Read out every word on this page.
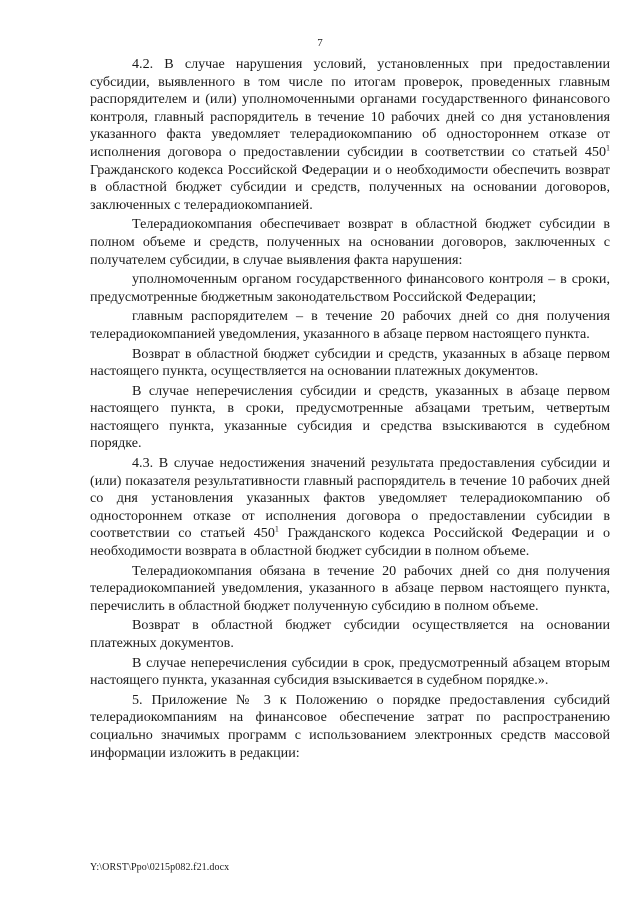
7

4.2. В случае нарушения условий, установленных при предоставлении субсидии, выявленного в том числе по итогам проверок, проведенных главным распорядителем и (или) уполномоченными органами государственного финансового контроля, главный распорядитель в течение 10 рабочих дней со дня установления указанного факта уведомляет телерадиокомпанию об одностороннем отказе от исполнения договора о предоставлении субсидии в соответствии со статьей $450^1$ Гражданского кодекса Российской Федерации и о необходимости обеспечить возврат в областной бюджет субсидии и средств, полученных на основании договоров, заключенных с телерадиокомпанией.

Телерадиокомпания обеспечивает возврат в областной бюджет субсидии в полном объеме и средств, полученных на основании договоров, заключенных с получателем субсидии, в случае выявления факта нарушения:

уполномоченным органом государственного финансового контроля – в сроки, предусмотренные бюджетным законодательством Российской Федерации;

главным распорядителем – в течение 20 рабочих дней со дня получения телерадиокомпанией уведомления, указанного в абзаце первом настоящего пункта.

Возврат в областной бюджет субсидии и средств, указанных в абзаце первом настоящего пункта, осуществляется на основании платежных документов.

В случае неперечисления субсидии и средств, указанных в абзаце первом настоящего пункта, в сроки, предусмотренные абзацами третьим, четвертым настоящего пункта, указанные субсидия и средства взыскиваются в судебном порядке.

4.3. В случае недостижения значений результата предоставления субсидии и (или) показателя результативности главный распорядитель в течение 10 рабочих дней со дня установления указанных фактов уведомляет телерадиокомпанию об одностороннем отказе от исполнения договора о предоставлении субсидии в соответствии со статьей $450^1$ Гражданского кодекса Российской Федерации и о необходимости возврата в областной бюджет субсидии в полном объеме.

Телерадиокомпания обязана в течение 20 рабочих дней со дня получения телерадиокомпанией уведомления, указанного в абзаце первом настоящего пункта, перечислить в областной бюджет полученную субсидию в полном объеме.

Возврат в областной бюджет субсидии осуществляется на основании платежных документов.

В случае неперечисления субсидии в срок, предусмотренный абзацем вторым настоящего пункта, указанная субсидия взыскивается в судебном порядке.».

5. Приложение № 3 к Положению о порядке предоставления субсидий телерадиокомпаниям на финансовое обеспечение затрат по распространению социально значимых программ с использованием электронных средств массовой информации изложить в редакции:

Y:\ORST\Ppo\0215p082.f21.docx
